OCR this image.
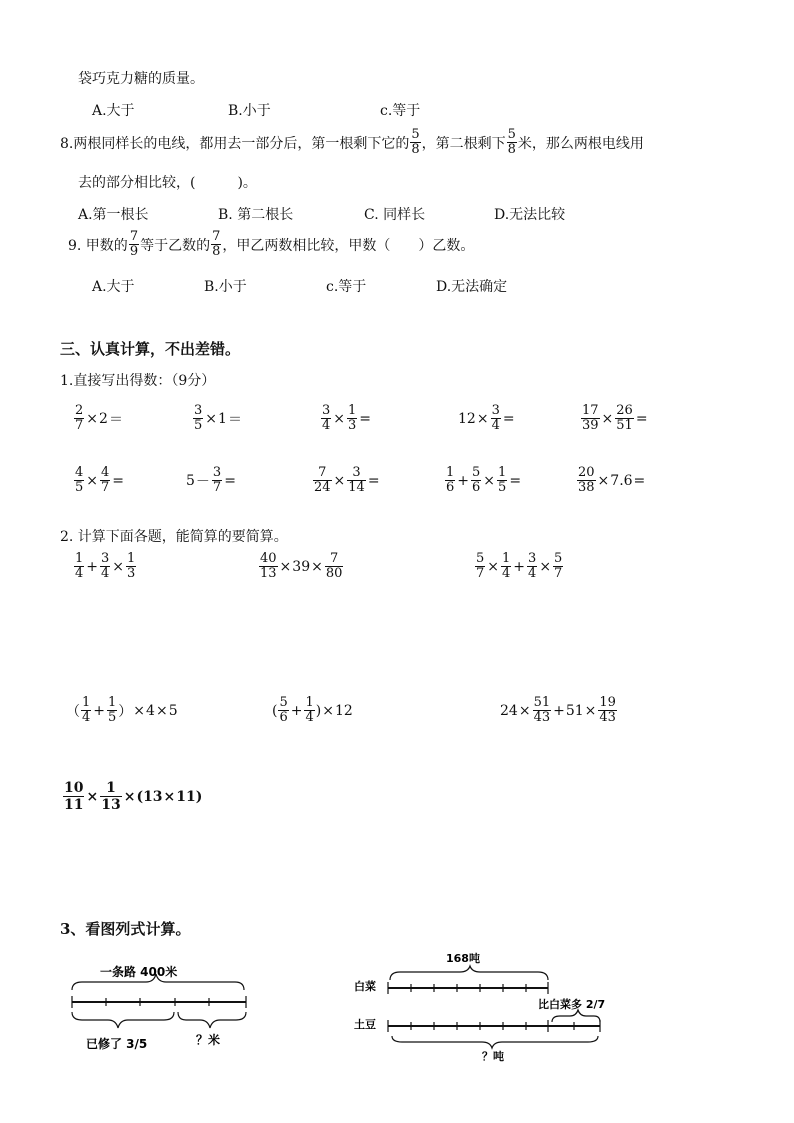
袋巧克力糖的质量。
A.大于	B.小于	c.等于
8.两根同样长的电线，都用去一部分后，第一根剩下它的 $\frac{5}{8}$ ，第二根剩下 $\frac{5}{8}$ 米，那么两根电线用
去的部分相比较，(　　　)。
A.第一根长	B. 第二根长	C. 同样长	D.无法比较
9. 甲数的 $\frac{7}{9}$ 等于乙数的 $\frac{7}{8}$ ，甲乙两数相比较，甲数（　　）乙数。
A.大于	B.小于	c.等于	D.无法确定
三、认真计算，不出差错。
1.直接写出得数：（9分）
$\frac{2}{7} \times 2$ ＝	$\frac{3}{5} \times 1$ ＝	$\frac{3}{4} \times \frac{1}{3}$ =	$12 \times \frac{3}{4}$ =	$\frac{17}{39} \times \frac{26}{51}$ =
$\frac{4}{5} \times \frac{4}{7}$ =	$5 - \frac{3}{7}$ =	$\frac{7}{24} \times \frac{3}{14}$ =	$\frac{1}{6} + \frac{5}{6} \times \frac{1}{5}$ =	$\frac{20}{38} \times 7.6$ =
2. 计算下面各题，能简算的要简算。
$\frac{1}{4} + \frac{3}{4} \times \frac{1}{3}$	$\frac{40}{13} \times 39 \times \frac{7}{80}$	$\frac{5}{7} \times \frac{1}{4} + \frac{3}{4} \times \frac{5}{7}$
（ $\frac{1}{4} + \frac{1}{5}$ ） × 4 × 5	( $\frac{5}{6} + \frac{1}{4}$ ) × 12	$24 \times \frac{51}{43} + 51 \times \frac{19}{43}$
$\frac{10}{11} \times \frac{1}{13}$ × ( 13 × 11 )
3、看图列式计算。
一条路 400米
已修了 3/5	？米
168吨
白菜
比白菜多 2/7
土豆
？吨
